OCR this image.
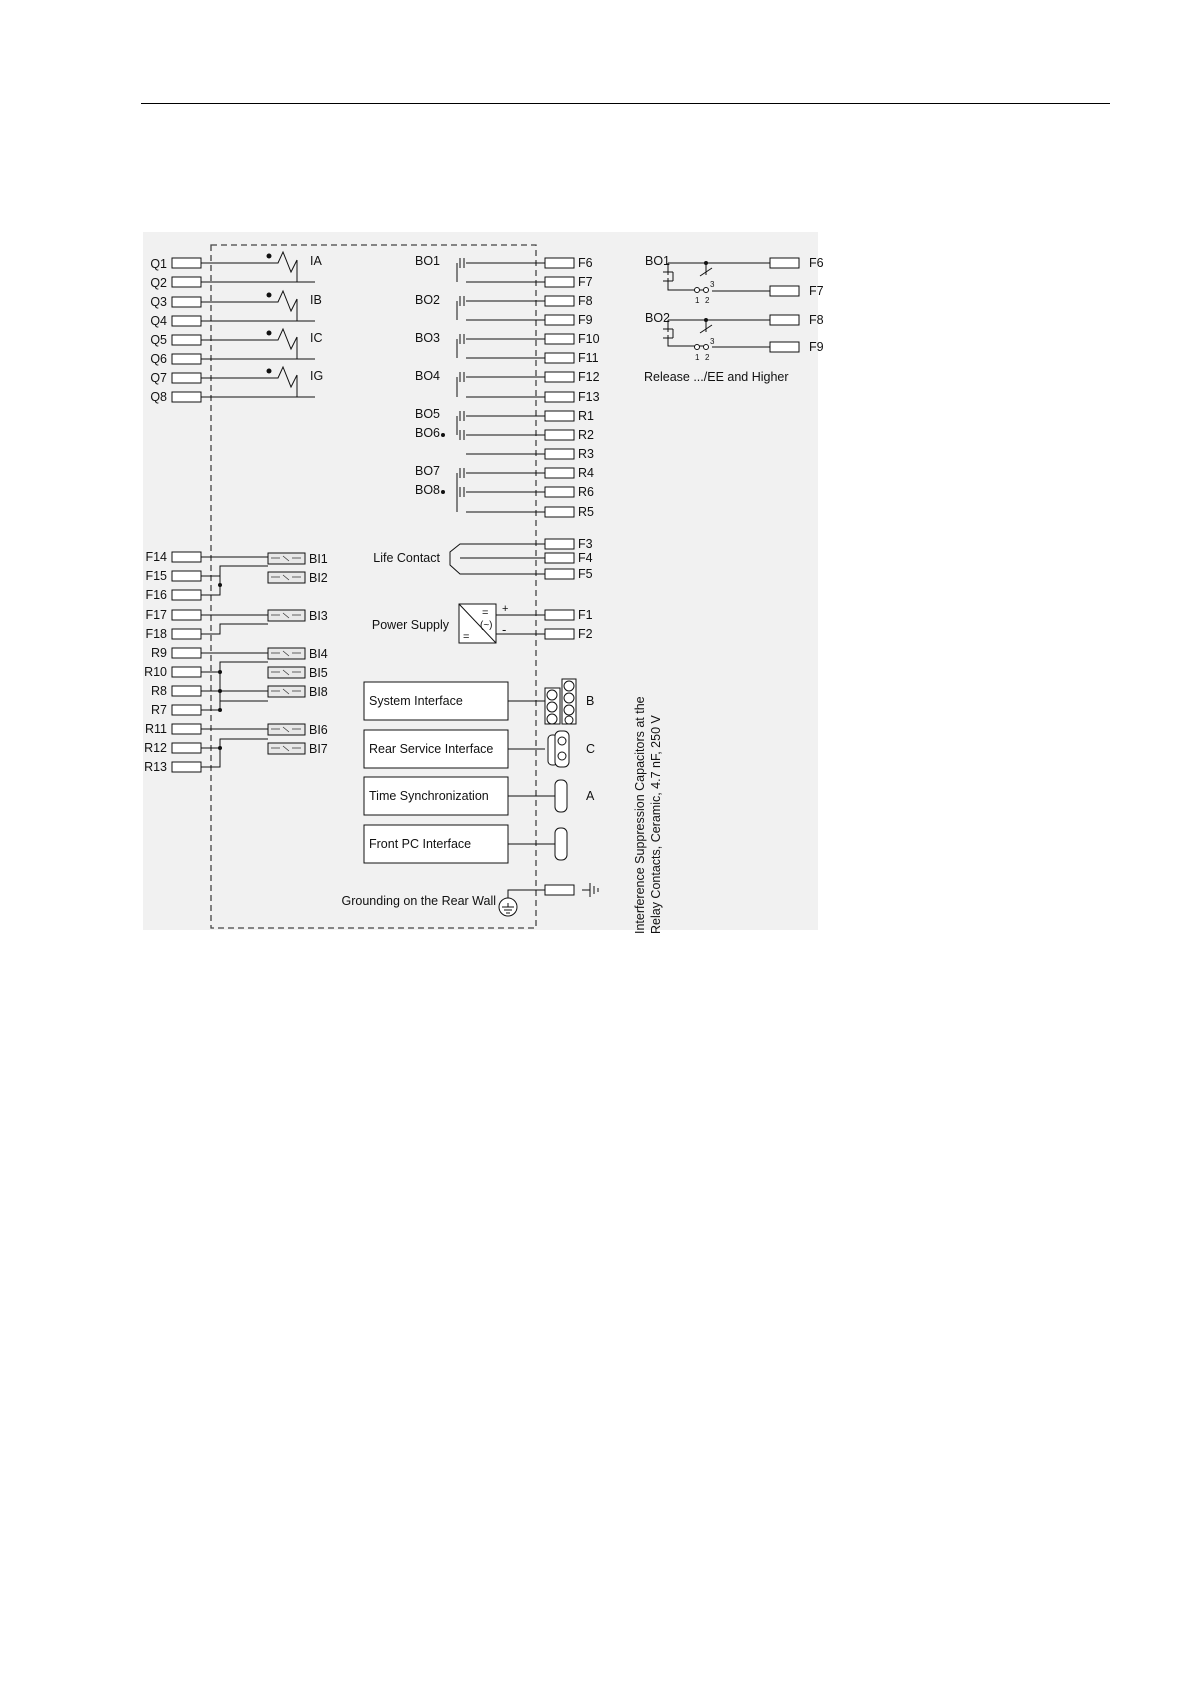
Q1
Q2
Q3
Q4
Q5
Q6
Q7
Q8
IA
IB
IC
IG
BO1
BO2
BO3
BO4
BO5
BO6
BO7
BO8
F6
F7
F8
F9
F10
F11
F12
F13
R1
R2
R3
R4
R6
R5
Life Contact
F3
F4
F5
Power Supply
F1
F2
+
-
=
(~)
=
F14
F15
F16
F17
F18
R9
R10
R8
R7
R11
R12
R13
BI1
BI2
BI3
BI4
BI5
BI8
BI6
BI7
System Interface
Rear Service Interface
Time Synchronization
Front PC Interface
B
C
A
Grounding on the Rear Wall
BO1
BO2
F6
F7
F8
F9
3
1 2
3
1 2
Release .../EE and Higher
Interference Suppression Capacitors at the Relay Contacts, Ceramic, 4.7 nF, 250 V
